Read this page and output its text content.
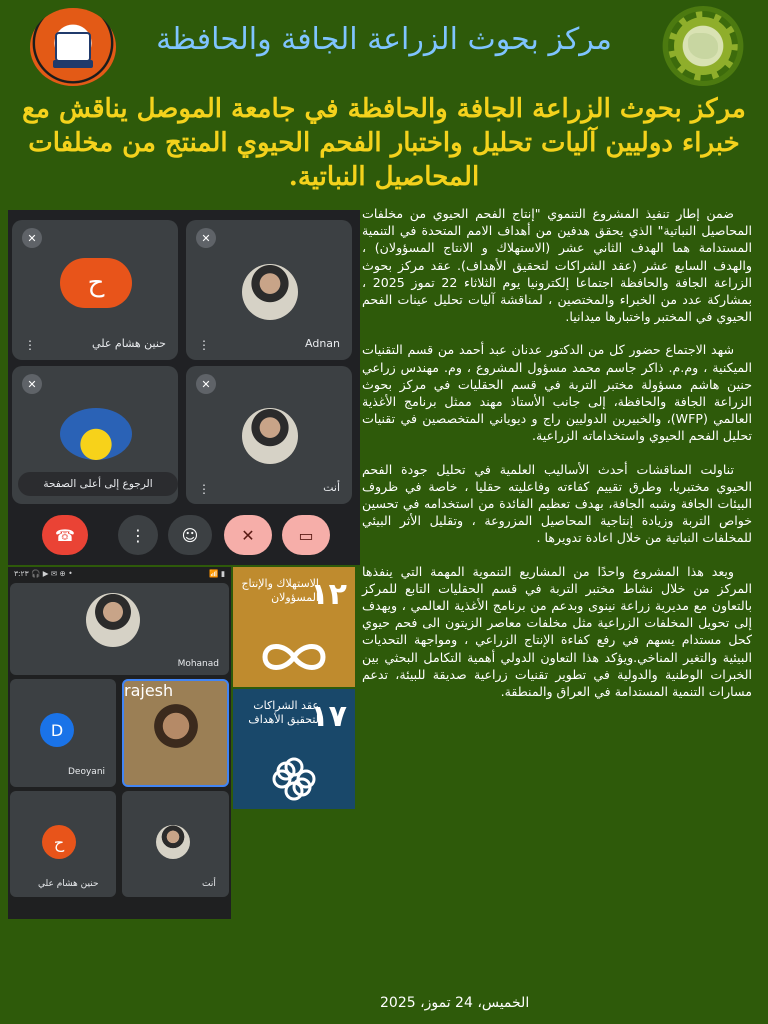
مركز بحوث الزراعة الجافة والحافظة
مركز بحوث الزراعة الجافة والحافظة في جامعة الموصل يناقش مع خبراء دوليين آليات تحليل واختبار الفحم الحيوي المنتج من مخلفات المحاصيل النباتية.
✕
ح
⋮	حنين هشام علي
✕
⋮	Adnan
✕	✕
⋮	أنت
الرجوع إلى أعلى الصفحة
☎	⋮	☺	✕	▭
۳:۲۳ 🎧 ▶ ✉ ⊕ •	📶 ▮
Mohanad
D
Deoyani
rajesh
ح
حنين هشام علي	أنت
١٢
الاستهلاك والإنتاج المسؤولان
١٧
عقد الشراكات لتحقيق الأهداف

ضمن إطار تنفيذ المشروع التنموي "إنتاج الفحم الحيوي من مخلفات المحاصيل النباتية" الذي يحقق هدفين من أهداف الامم المتحدة في التنمية المستدامة هما الهدف الثاني عشر (الاستهلاك و الانتاج المسؤولان) ، والهدف السابع عشر (عقد الشراكات لتحقيق الأهداف). عقد مركز بحوث الزراعة الجافة والحافظة اجتماعا إلكترونيا يوم الثلاثاء 22 تموز 2025 ، بمشاركة عدد من الخبراء والمختصين ، لمناقشة آليات تحليل عينات الفحم الحيوي في المختبر واختبارها ميدانيا.

شهد الاجتماع حضور كل من الدكتور عدنان عبد أحمد من قسم التقنيات الميكنية ، وم.م. ذاكر جاسم محمد مسؤول المشروع ، وم. مهندس زراعي حنين هاشم مسؤولة مختبر التربة في قسم الحقليات في مركز بحوث الزراعة الجافة والحافظة، إلى جانب الأستاذ مهند ممثل برنامج الأغذية العالمي (WFP)، والخبيرين الدوليين راج و ديوياني المتخصصين في تقنيات تحليل الفحم الحيوي واستخداماته الزراعية.

تناولت المناقشات أحدث الأساليب العلمية في تحليل جودة الفحم الحيوي مختبريا، وطرق تقييم كفاءته وفاعليته حقليا ، خاصة في ظروف البيئات الجافة وشبه الجافة، بهدف تعظيم الفائدة من استخدامه في تحسين خواص التربة وزيادة إنتاجية المحاصيل المزروعة ، وتقليل الأثر البيئي للمخلفات النباتية من خلال اعادة تدويرها .

ويعد هذا المشروع واحدًا من المشاريع التنموية المهمة التي ينفذها المركز من خلال نشاط مختبر التربة في قسم الحقليات التابع للمركز بالتعاون مع مديرية زراعة نينوى وبدعم من برنامج الأغذية العالمي ، ويهدف إلى تحويل المخلفات الزراعية مثل مخلفات معاصر الزيتون الى فحم حيوي كحل مستدام يسهم في رفع كفاءة الإنتاج الزراعي ، ومواجهة التحديات البيئية والتغير المناخي.ويؤكد هذا التعاون الدولي أهمية التكامل البحثي بين الخبرات الوطنية والدولية في تطوير تقنيات زراعية صديقة للبيئة، تدعم مسارات التنمية المستدامة في العراق والمنطقة.

الخميس، 24 تموز، 2025
